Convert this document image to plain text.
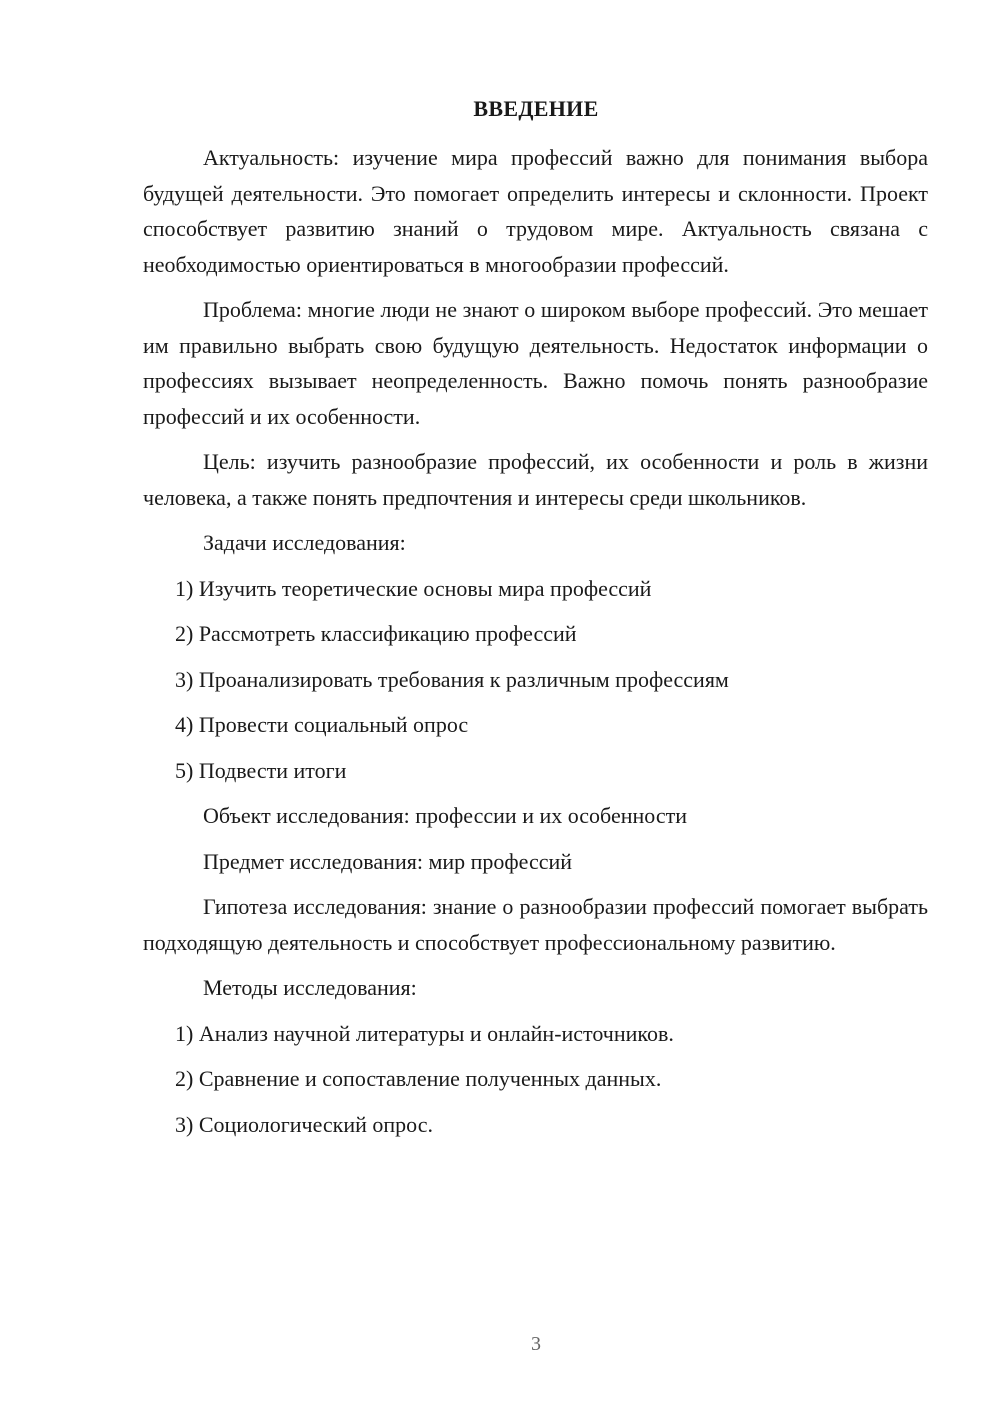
ВВЕДЕНИЕ

Актуальность: изучение мира профессий важно для понимания выбора будущей деятельности. Это помогает определить интересы и склонности. Проект способствует развитию знаний о трудовом мире. Актуальность связана с необходимостью ориентироваться в многообразии профессий.

Проблема: многие люди не знают о широком выборе профессий. Это мешает им правильно выбрать свою будущую деятельность. Недостаток информации о профессиях вызывает неопределенность. Важно помочь понять разнообразие профессий и их особенности.

Цель: изучить разнообразие профессий, их особенности и роль в жизни человека, а также понять предпочтения и интересы среди школьников.

Задачи исследования:

1) Изучить теоретические основы мира профессий

2) Рассмотреть классификацию профессий

3) Проанализировать требования к различным профессиям

4) Провести социальный опрос

5) Подвести итоги

Объект исследования: профессии и их особенности

Предмет исследования: мир профессий

Гипотеза исследования: знание о разнообразии профессий помогает выбрать подходящую деятельность и способствует профессиональному развитию.

Методы исследования:

1) Анализ научной литературы и онлайн-источников.

2) Сравнение и сопоставление полученных данных.

3) Социологический опрос.

3
